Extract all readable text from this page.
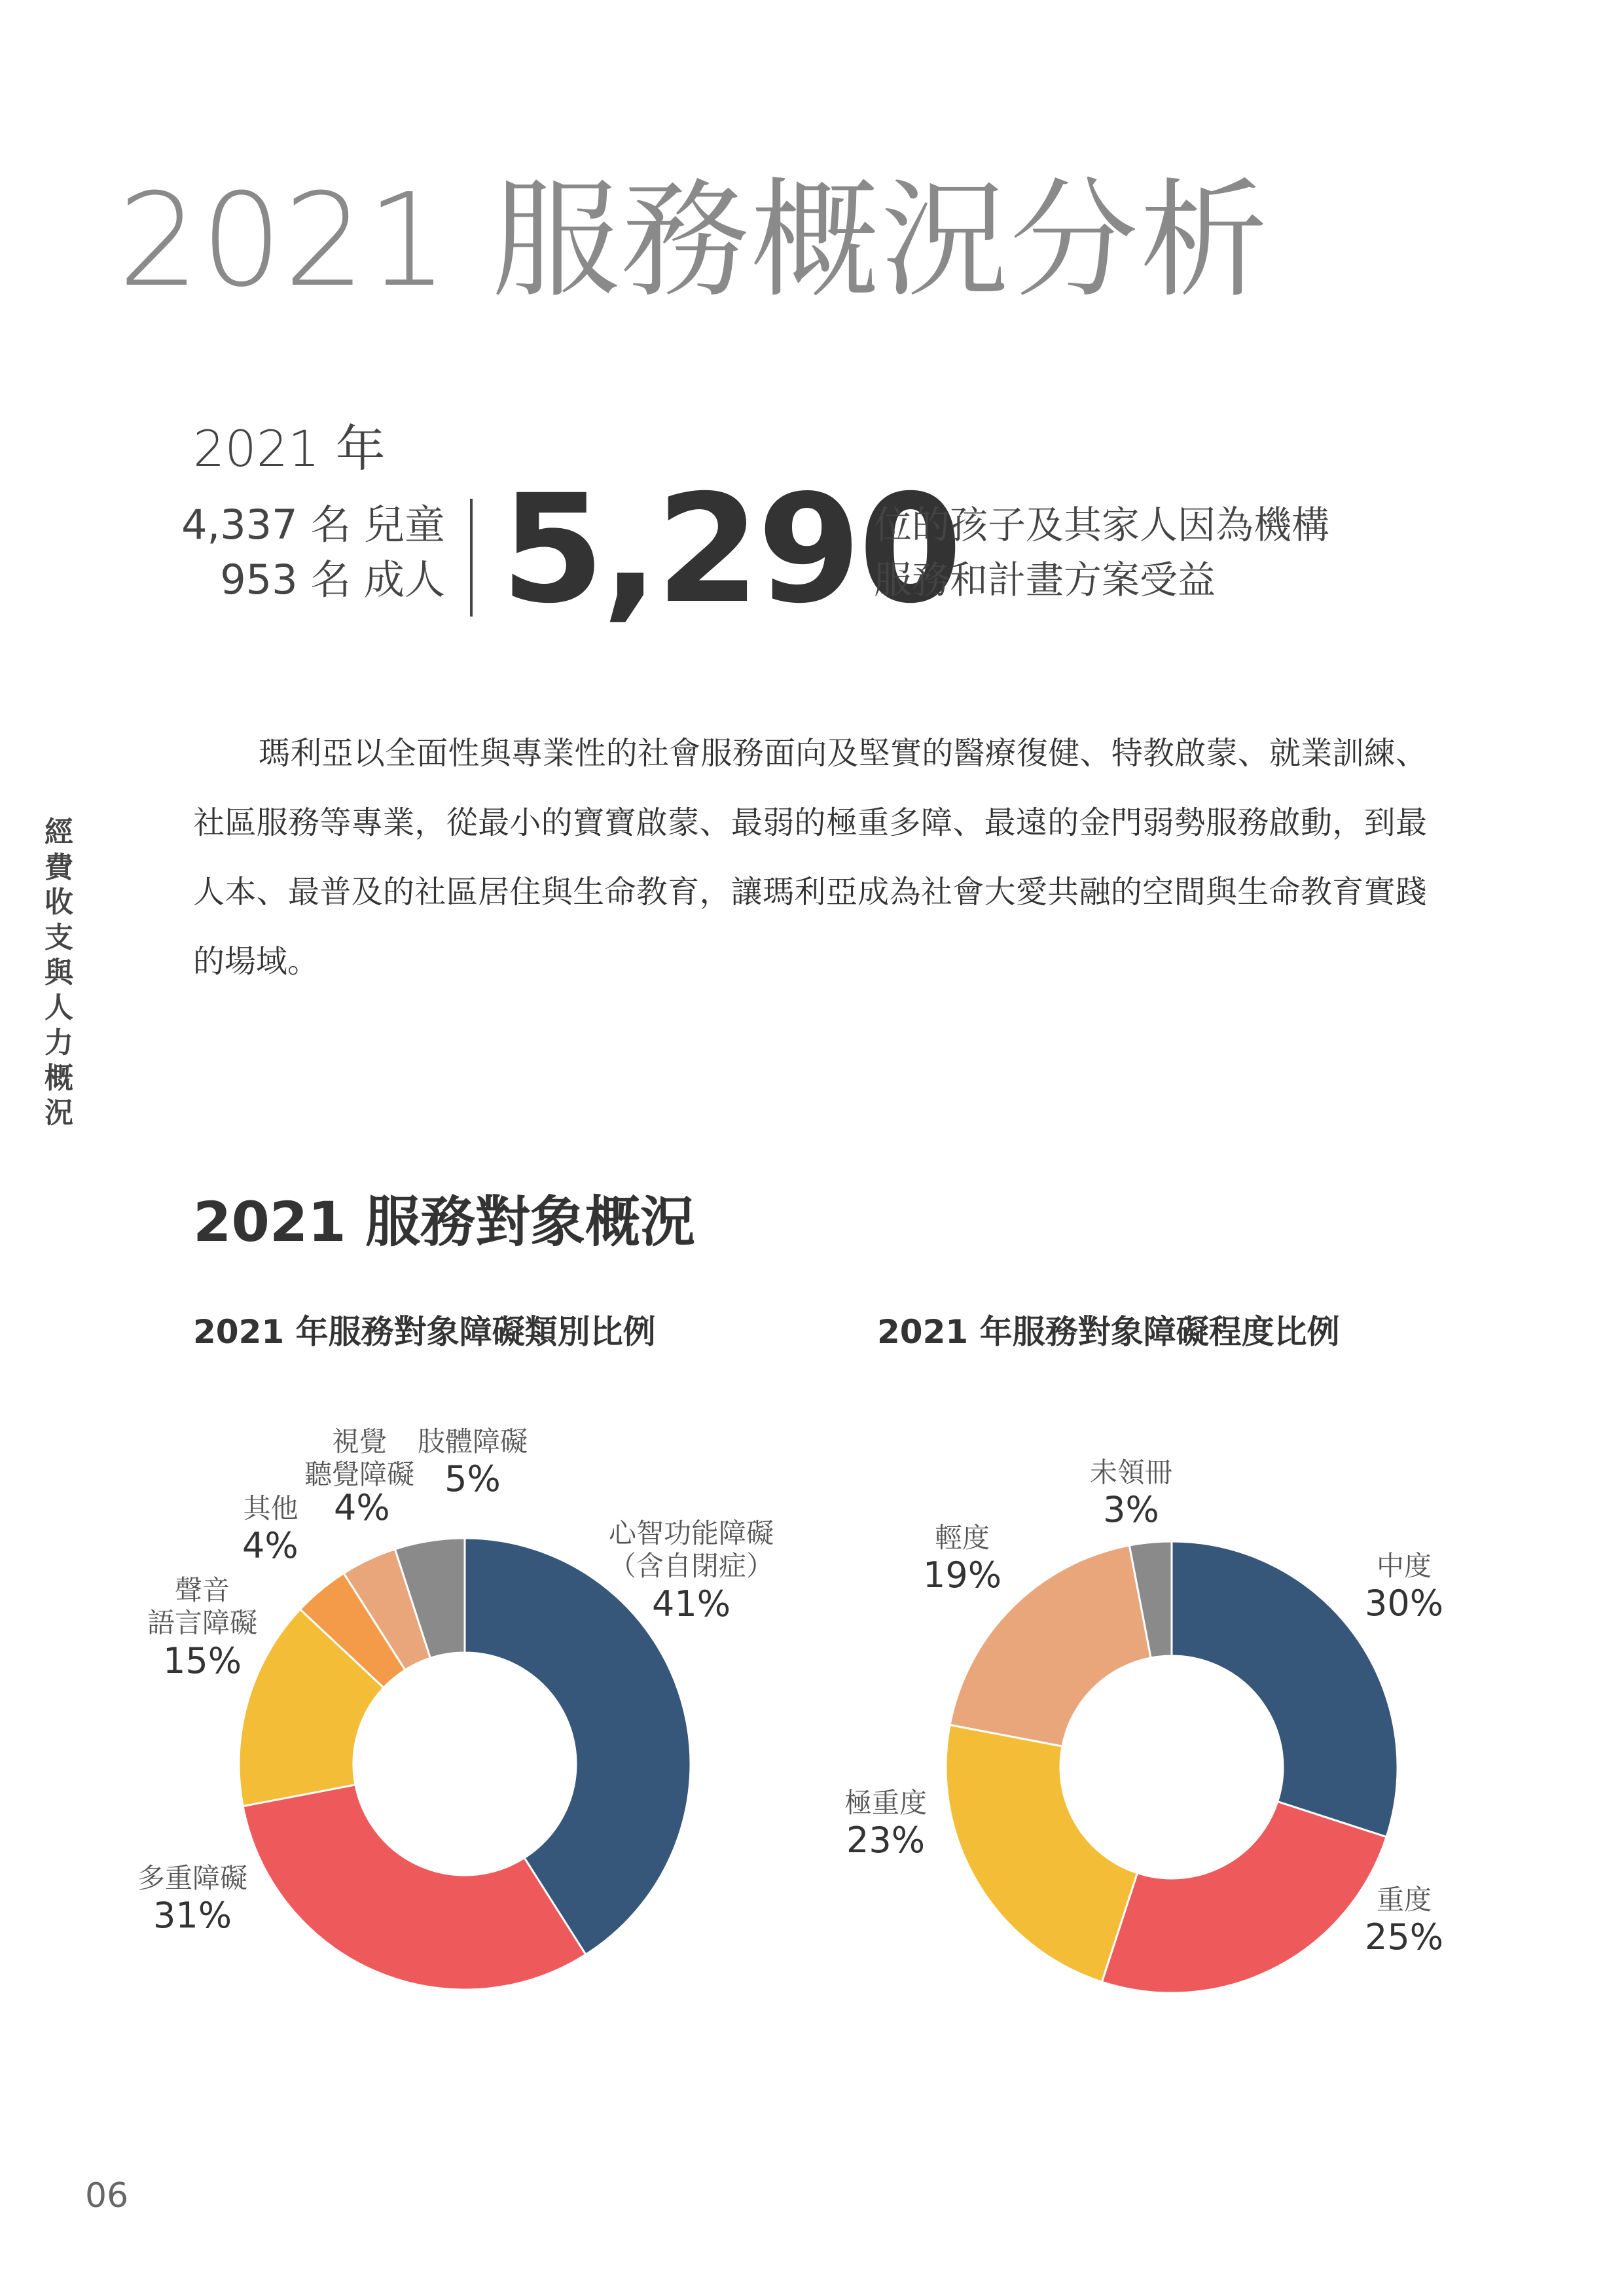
2021 服務概況分析
經費收支與人力概況
2021 年
4,337 名 兒童
953 名 成人 5,290
位的孩子及其家人因為機構
服務和計畫方案受益
瑪利亞以全面性與專業性的社會服務面向及堅實的醫療復健、特教啟蒙、就業訓練、社區服務等專業，從最小的寶寶啟蒙、最弱的極重多障、最遠的金門弱勢服務啟動，到最人本、最普及的社區居住與生命教育，讓瑪利亞成為社會大愛共融的空間與生命教育實踐的場域。
2021 服務對象概況
2021 年服務對象障礙類別比例	2021 年服務對象障礙程度比例
心智功能障礙
（含自閉症）
41%
多重障礙
31%
聲音
語言障礙
15%
其他
4%
視覺
聽覺障礙
4%
肢體障礙
5%
中度
30%
重度
25%
極重度
23%
輕度
19%
未領冊
3%
06
